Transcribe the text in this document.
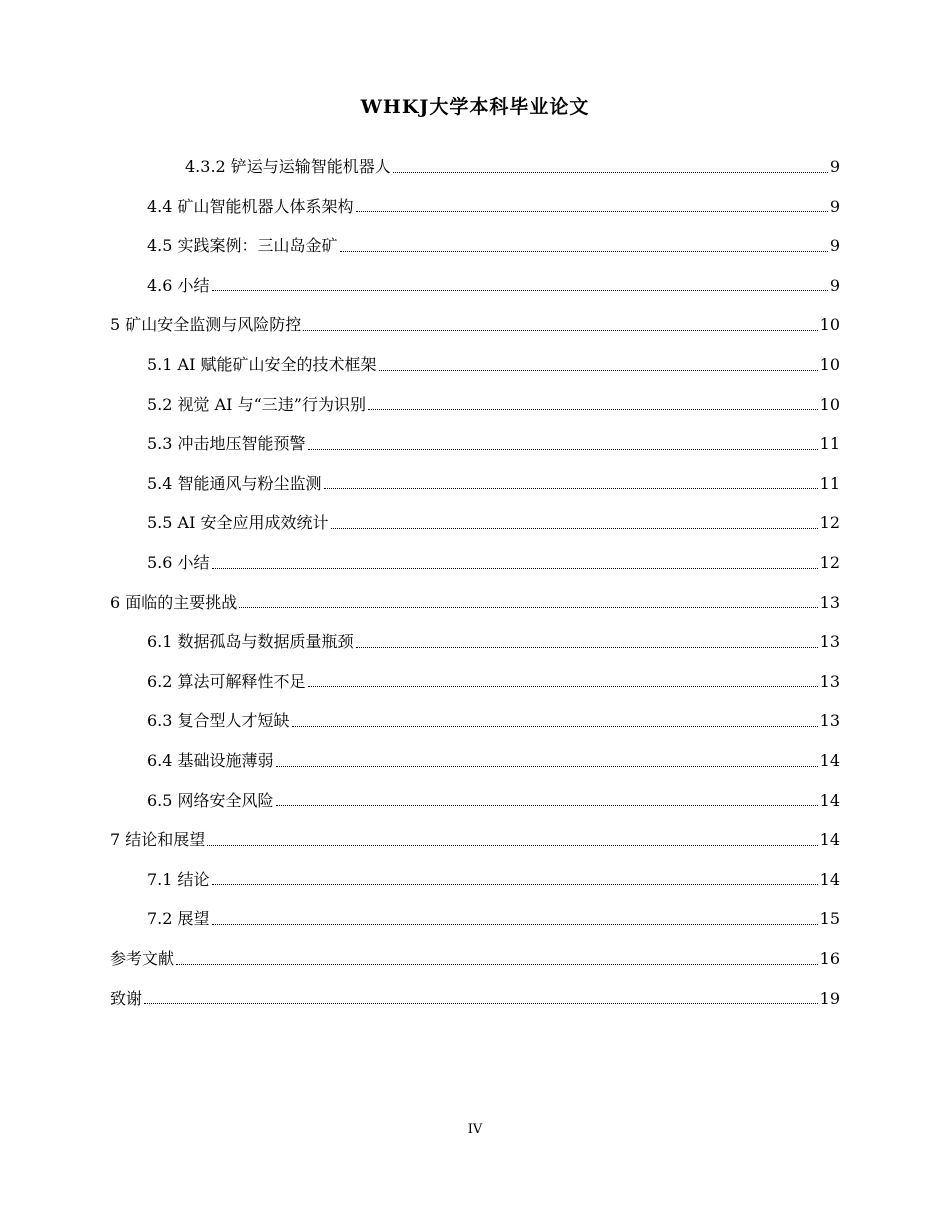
WHKJ大学本科毕业论文
4.3.2 铲运与运输智能机器人	9
4.4 矿山智能机器人体系架构	9
4.5 实践案例：三山岛金矿	9
4.6 小结	9
5 矿山安全监测与风险防控	10
5.1 AI 赋能矿山安全的技术框架	10
5.2 视觉 AI 与“三违”行为识别	10
5.3 冲击地压智能预警	11
5.4 智能通风与粉尘监测	11
5.5 AI 安全应用成效统计	12
5.6 小结	12
6 面临的主要挑战	13
6.1 数据孤岛与数据质量瓶颈	13
6.2 算法可解释性不足	13
6.3 复合型人才短缺	13
6.4 基础设施薄弱	14
6.5 网络安全风险	14
7 结论和展望	14
7.1 结论	14
7.2 展望	15
参考文献	16
致谢	19
IV
